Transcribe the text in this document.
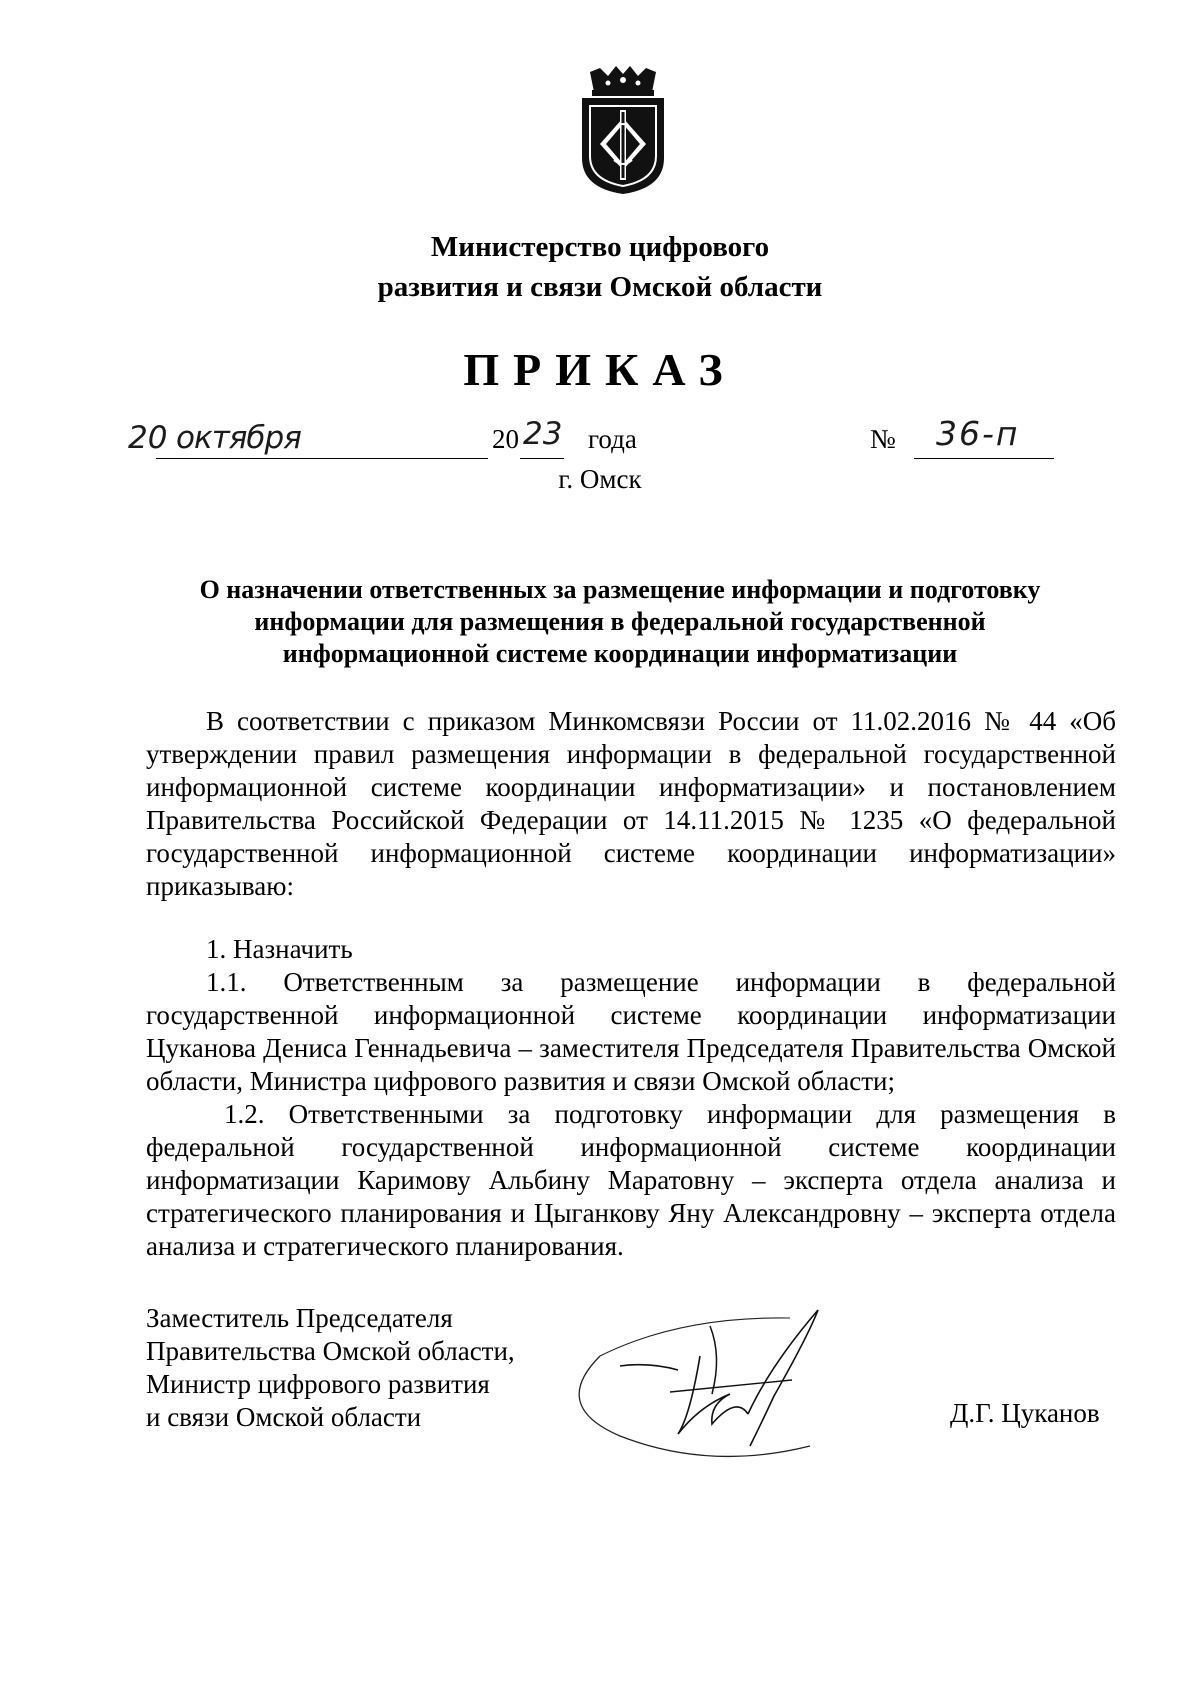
Министерство цифрового
развития и связи Омской области
ПРИКАЗ
20 октября	20 23 года	№ 36-п
г. Омск
О назначении ответственных за размещение информации и подготовку
информации для размещения в федеральной государственной
информационной системе координации информатизации

В соответствии с приказом Минкомсвязи России от 11.02.2016 № 44 «Об утверждении правил размещения информации в федеральной государственной информационной системе координации информатизации» и постановлением Правительства Российской Федерации от 14.11.2015 № 1235 «О федеральной государственной информационной системе координации информатизации» приказываю:

1. Назначить

1.1. Ответственным за размещение информации в федеральной государственной информационной системе координации информатизации Цуканова Дениса Геннадьевича – заместителя Председателя Правительства Омской области, Министра цифрового развития и связи Омской области;

1.2. Ответственными за подготовку информации для размещения в федеральной государственной информационной системе координации информатизации Каримову Альбину Маратовну – эксперта отдела анализа и стратегического планирования и Цыганкову Яну Александровну – эксперта отдела анализа и стратегического планирования.

Заместитель Председателя
Правительства Омской области,
Министр цифрового развития
и связи Омской области	Д.Г. Цуканов
